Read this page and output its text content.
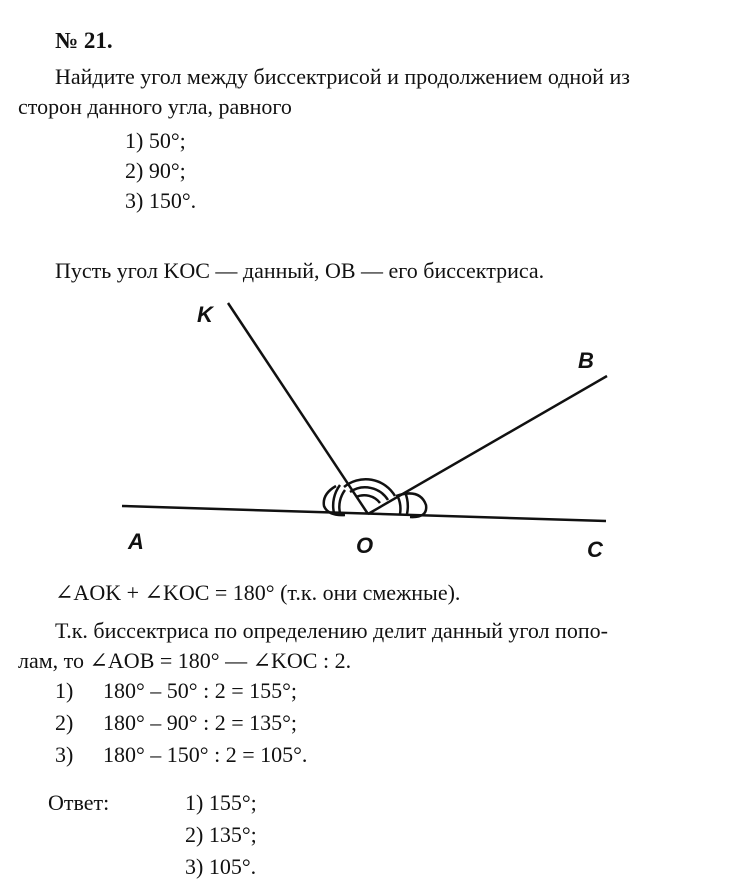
№ 21.
Найдите угол между биссектрисой и продолжением одной из
сторон данного угла, равного
1) 50°;
2) 90°;
3) 150°.
Пусть угол KOC — данный, OB — его биссектриса.
K
B
A	O	C
∠AOK + ∠KOC = 180° (т.к. они смежные).
Т.к. биссектриса по определению делит данный угол попо-
лам, то ∠AOB = 180° — ∠KOC : 2.
1) 180° – 50° : 2 = 155°;
2) 180° – 90° : 2 = 135°;
3) 180° – 150° : 2 = 105°.
Ответ:	1) 155°;
2) 135°;
3) 105°.
